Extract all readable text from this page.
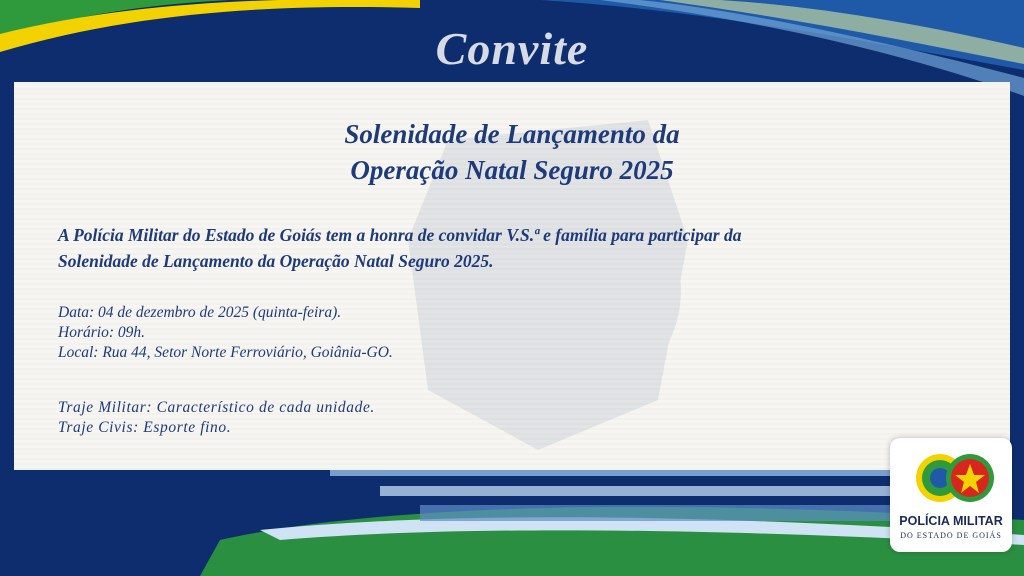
Convite
Solenidade de Lançamento da
Operação Natal Seguro 2025
A Polícia Militar do Estado de Goiás tem a honra de convidar V.S.ª e família para participar da
Solenidade de Lançamento da Operação Natal Seguro 2025.
Data: 04 de dezembro de 2025 (quinta-feira).
Horário: 09h.
Local: Rua 44, Setor Norte Ferroviário, Goiânia-GO.
Traje Militar: Característico de cada unidade.
Traje Civis: Esporte fino.
POLÍCIA MILITAR
DO ESTADO DE GOIÁS
